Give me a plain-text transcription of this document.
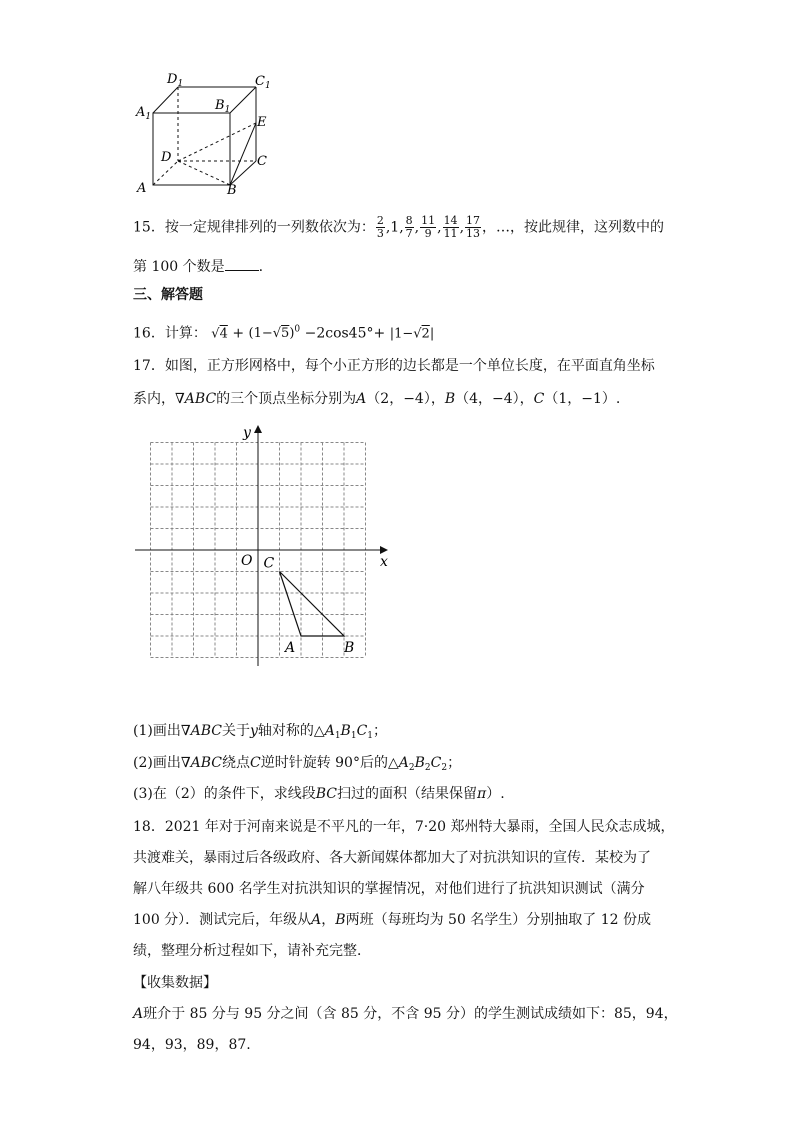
$D_1$	$C_1$
$A_1$
$B_1$
E
D	C
A	B
15．按一定规律排列的一列数依次为： $\frac{2}{3} ,1$, $\frac{8}{7}$ , $\frac{11}{9}$ , $\frac{14}{11}$ , $\frac{17}{13}$ ，…，按此规律，这列数中的
第 100 个数是 .
三、解答题
16．计算： $√4 + (1-√5)^0 -2\cos 45^\circ+ |1-√2|$
17．如图，正方形网格中，每个小正方形的边长都是一个单位长度，在平面直角坐标
系内，∇ABC的三个顶点坐标分别为A（2，−4），B（4，−4），C（1，−1）.
x
y
O C
A	B
(1)画出∇ABC关于y轴对称的$\triangle A_1B_1C_1$；
(2)画出∇ABC绕点C逆时针旋转 90°后的$\triangle A_2B_2C_2$；
(3)在（2）的条件下，求线段BC扫过的面积（结果保留π）.
18．2021 年对于河南来说是不平凡的一年，7·20 郑州特大暴雨，全国人民众志成城，
共渡难关，暴雨过后各级政府、各大新闻媒体都加大了对抗洪知识的宣传．某校为了
解八年级共 600 名学生对抗洪知识的掌握情况，对他们进行了抗洪知识测试（满分
100 分）．测试完后，年级从A，B两班（每班均为 50 名学生）分别抽取了 12 份成
绩，整理分析过程如下，请补充完整．
【收集数据】
A班介于 85 分与 95 分之间（含 85 分，不含 95 分）的学生测试成绩如下：85，94，
94，93，89，87.
